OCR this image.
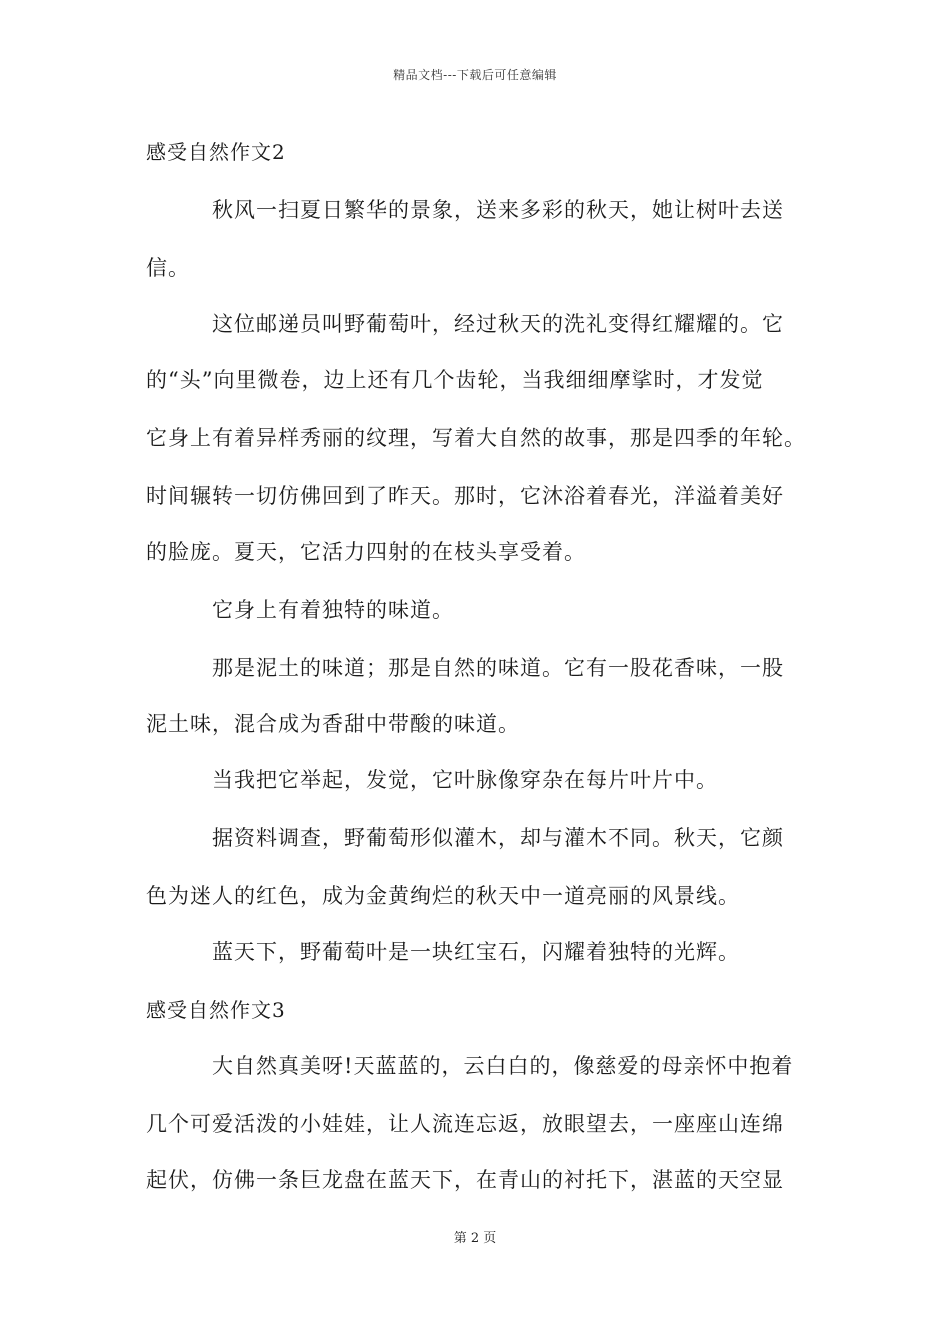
精品文档---下载后可任意编辑
感受自然作文2
秋风一扫夏日繁华的景象，送来多彩的秋天，她让树叶去送
信。
这位邮递员叫野葡萄叶，经过秋天的洗礼变得红耀耀的。它
的“头”向里微卷，边上还有几个齿轮，当我细细摩挲时，才发觉
它身上有着异样秀丽的纹理，写着大自然的故事，那是四季的年轮。
时间辗转一切仿佛回到了昨天。那时，它沐浴着春光，洋溢着美好
的脸庞。夏天，它活力四射的在枝头享受着。
它身上有着独特的味道。
那是泥土的味道；那是自然的味道。它有一股花香味，一股
泥土味，混合成为香甜中带酸的味道。
当我把它举起，发觉，它叶脉像穿杂在每片叶片中。
据资料调查，野葡萄形似灌木，却与灌木不同。秋天，它颜
色为迷人的红色，成为金黄绚烂的秋天中一道亮丽的风景线。
蓝天下，野葡萄叶是一块红宝石，闪耀着独特的光辉。
感受自然作文3
大自然真美呀!天蓝蓝的，云白白的，像慈爱的母亲怀中抱着
几个可爱活泼的小娃娃，让人流连忘返，放眼望去，一座座山连绵
起伏，仿佛一条巨龙盘在蓝天下，在青山的衬托下，湛蓝的天空显
第 2 页
